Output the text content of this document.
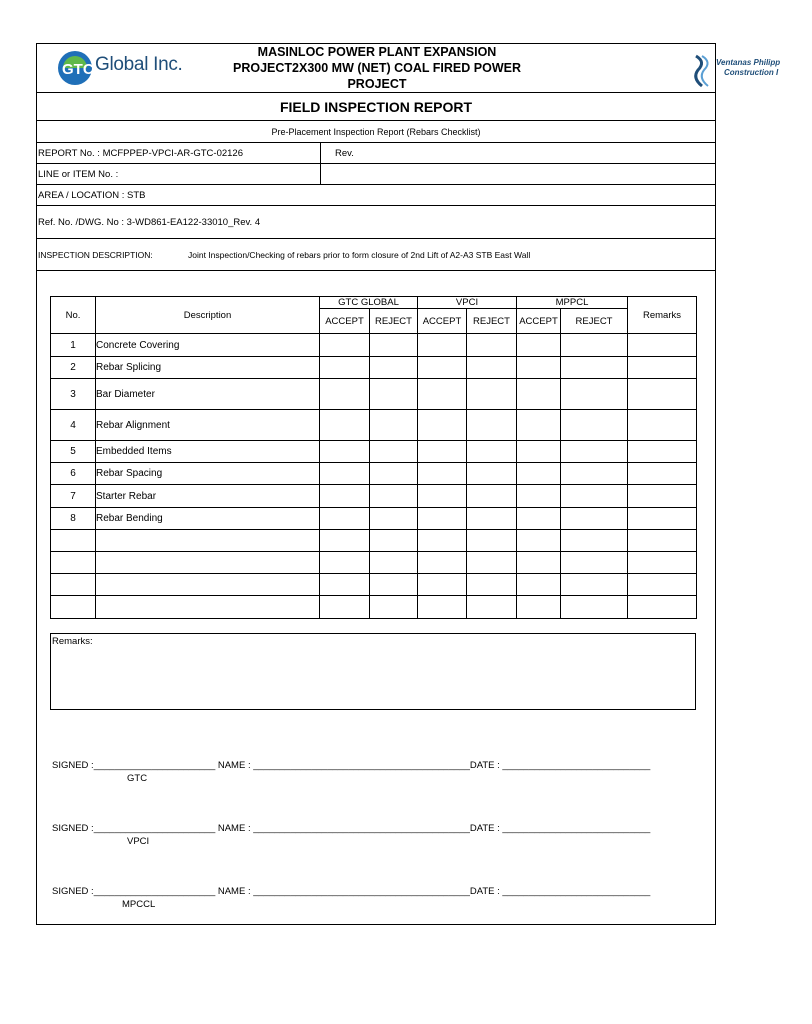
GTC Global Inc.
MASINLOC POWER PLANT EXPANSION
PROJECT2X300 MW (NET) COAL FIRED POWER
PROJECT
Ventanas Philipp
Construction I
FIELD INSPECTION REPORT
Pre-Placement Inspection Report (Rebars Checklist)
REPORT No. : MCFPPEP-VPCI-AR-GTC-02126	Rev.
LINE or ITEM No. :
AREA / LOCATION : STB
Ref. No. /DWG. No : 3-WD861-EA122-33010_Rev. 4
INSPECTION DESCRIPTION:	Joint Inspection/Checking of rebars prior to form closure of 2nd Lift of A2-A3 STB East Wall
No.	Description	GTC GLOBAL		VPCI		MPPCL		Remarks
		ACCEPT	REJECT	ACCEPT	REJECT	ACCEPT	REJECT	
1	Concrete Covering							
2	Rebar Splicing							
3	Bar Diameter							
4	Rebar Alignment							
5	Embedded Items							
6	Rebar Spacing							
7	Starter Rebar							
8	Rebar Bending							

Remarks:
SIGNED :_______________________ NAME : _________________________________________DATE : ____________________________
GTC
SIGNED :_______________________ NAME : _________________________________________DATE : ____________________________
VPCI
SIGNED :_______________________ NAME : _________________________________________DATE : ____________________________
MPCCL
